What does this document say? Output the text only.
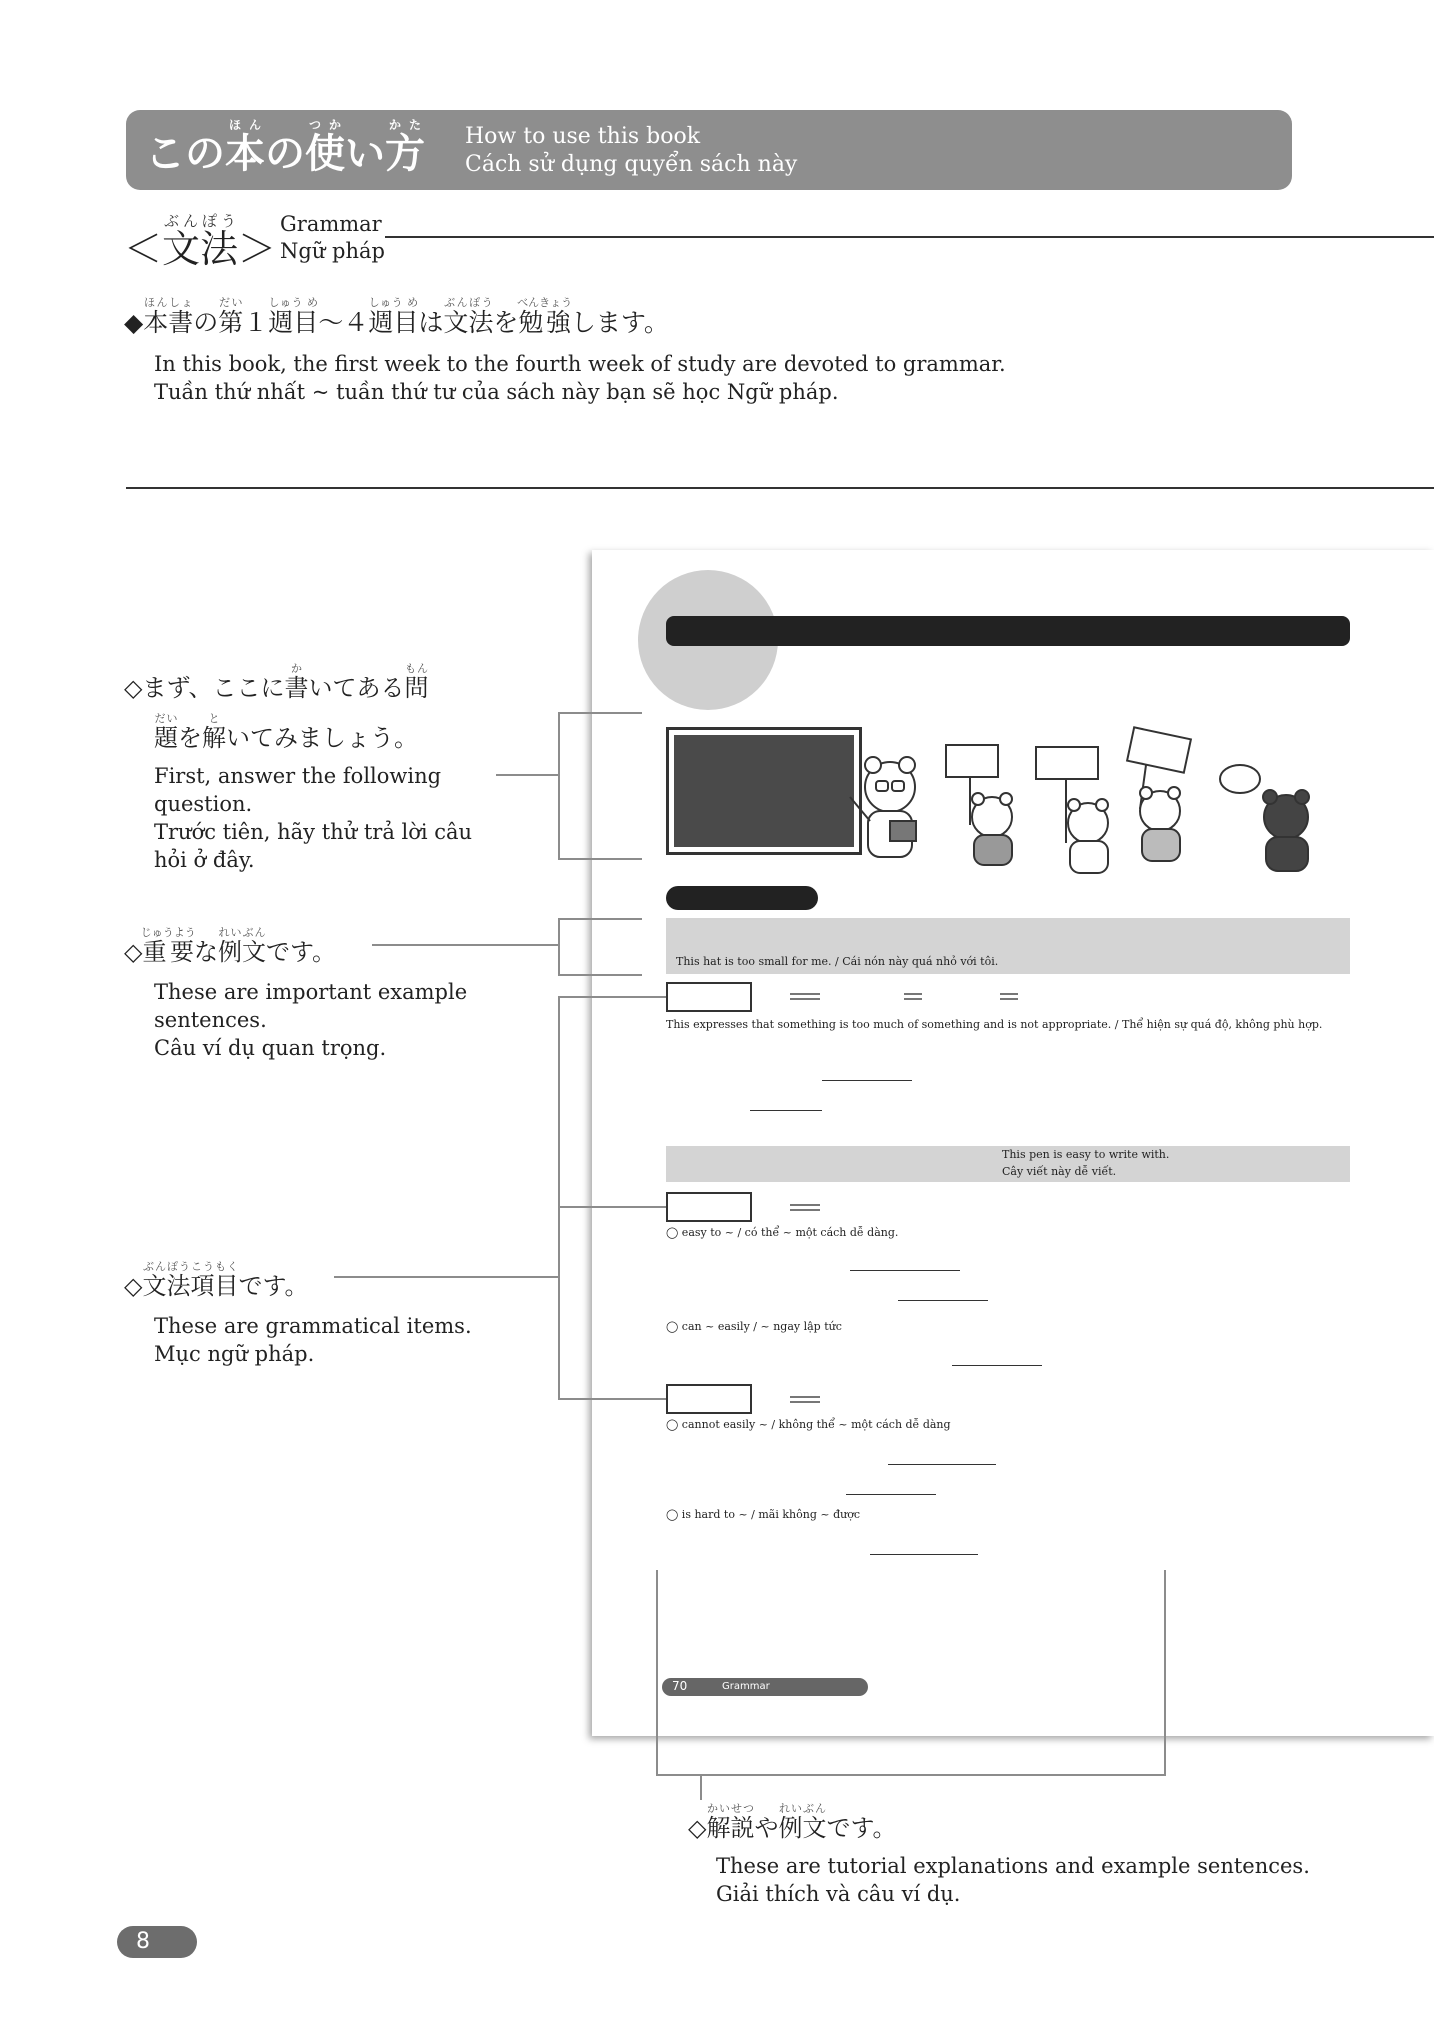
この本ほんの使つかい方かた How to use this book
Cách sử dụng quyển sách này
＜文法ぶんぽう＞
Grammar
Ngữ pháp
◆本書ほんしょの第だい１週目しゅう め～４週目しゅう めは文法ぶんぽうを勉強べんきょうします。
In this book, the first week to the fourth week of study are devoted to grammar.
Tuần thứ nhất ~ tuần thứ tư của sách này bạn sẽ học Ngữ pháp.
◇まず、ここに書かいてある問もん
題だいを解といてみましょう。
First, answer the following question.
Trước tiên, hãy thử trả lời câu hỏi ở đây.
◇重要じゅうような例文れいぶんです。
These are important example sentences.
Câu ví dụ quan trọng.
◇文法項目ぶんぽうこうもくです。
These are grammatical items.
Mục ngữ pháp.
◇解説かいせつや例文れいぶんです。
These are tutorial explanations and example sentences.
Giải thích và câu ví dụ.
This hat is too small for me. / Cái nón này quá nhỏ với tôi.
This expresses that something is too much of something and is not appropriate. / Thể hiện sự quá độ, không phù hợp.
This pen is easy to write with.
Cây viết này dễ viết.
◯ easy to ~ / có thể ~ một cách dễ dàng.
◯ can ~ easily / ~ ngay lập tức
◯ cannot easily ~ / không thể ~ một cách dễ dàng
◯ is hard to ~ / mãi không ~ được
70	Grammar
8
